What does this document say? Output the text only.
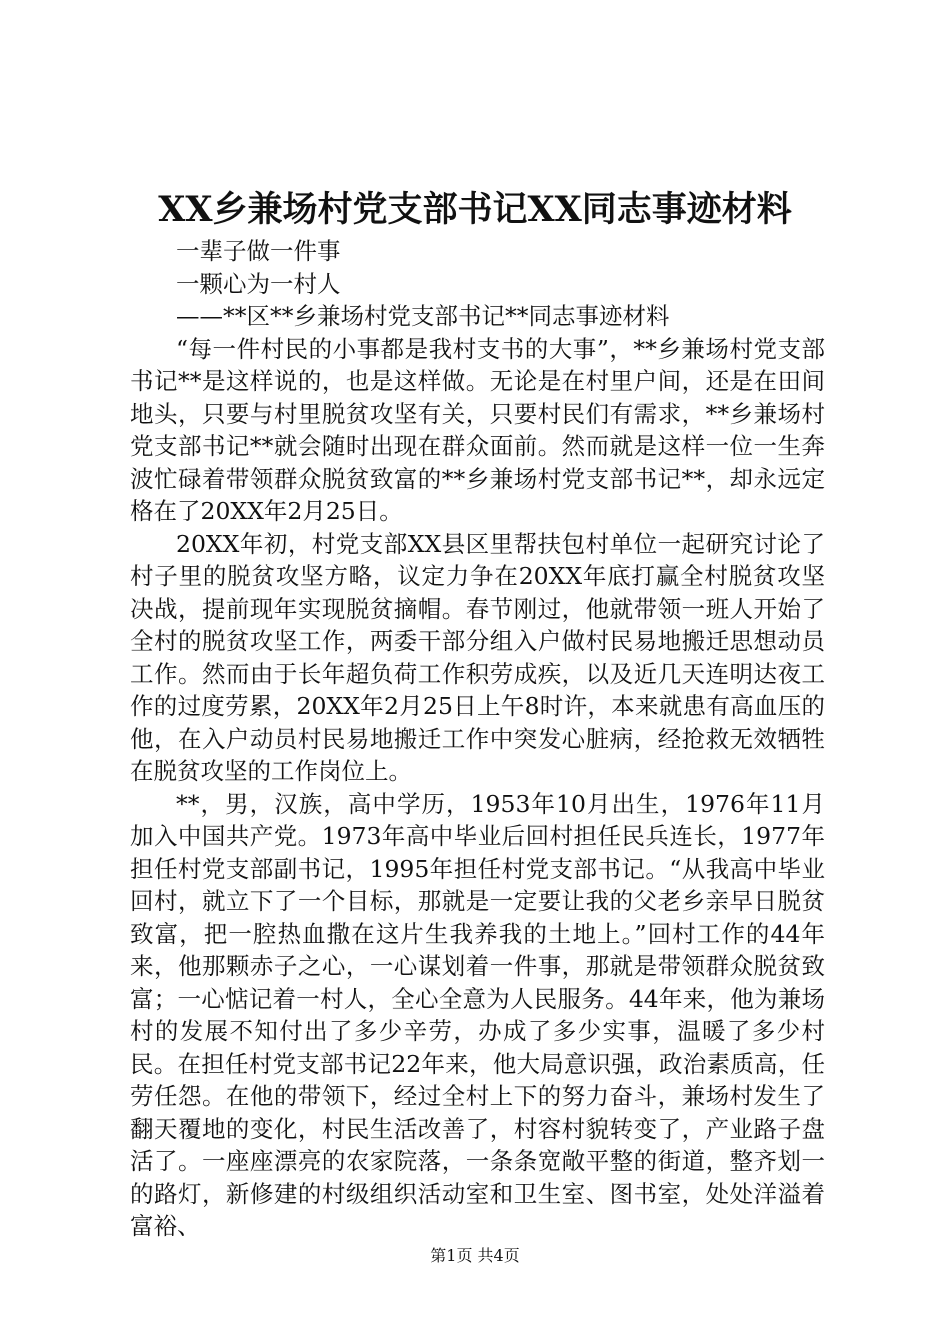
XX乡兼场村党支部书记XX同志事迹材料
一辈子做一件事
一颗心为一村人
——**区**乡兼场村党支部书记**同志事迹材料

“每一件村民的小事都是我村支书的大事”，**乡兼场村党支部书记**是这样说的，也是这样做。无论是在村里户间，还是在田间地头，只要与村里脱贫攻坚有关，只要村民们有需求，**乡兼场村党支部书记**就会随时出现在群众面前。然而就是这样一位一生奔波忙碌着带领群众脱贫致富的**乡兼场村党支部书记**，却永远定格在了20XX年2月25日。

20XX年初，村党支部XX县区里帮扶包村单位一起研究讨论了村子里的脱贫攻坚方略，议定力争在20XX年底打赢全村脱贫攻坚决战，提前现年实现脱贫摘帽。春节刚过，他就带领一班人开始了全村的脱贫攻坚工作，两委干部分组入户做村民易地搬迁思想动员工作。然而由于长年超负荷工作积劳成疾，以及近几天连明达夜工作的过度劳累，20XX年2月25日上午8时许，本来就患有高血压的他，在入户动员村民易地搬迁工作中突发心脏病，经抢救无效牺牲在脱贫攻坚的工作岗位上。

**，男，汉族，高中学历，1953年10月出生，1976年11月加入中国共产党。1973年高中毕业后回村担任民兵连长，1977年担任村党支部副书记，1995年担任村党支部书记。“从我高中毕业回村，就立下了一个目标，那就是一定要让我的父老乡亲早日脱贫致富，把一腔热血撒在这片生我养我的土地上。”回村工作的44年来，他那颗赤子之心，一心谋划着一件事，那就是带领群众脱贫致富；一心惦记着一村人，全心全意为人民服务。44年来，他为兼场村的发展不知付出了多少辛劳，办成了多少实事，温暖了多少村民。在担任村党支部书记22年来，他大局意识强，政治素质高，任劳任怨。在他的带领下，经过全村上下的努力奋斗，兼场村发生了翻天覆地的变化，村民生活改善了，村容村貌转变了，产业路子盘活了。一座座漂亮的农家院落，一条条宽敞平整的街道，整齐划一的路灯，新修建的村级组织活动室和卫生室、图书室，处处洋溢着富裕、

第1页 共4页
